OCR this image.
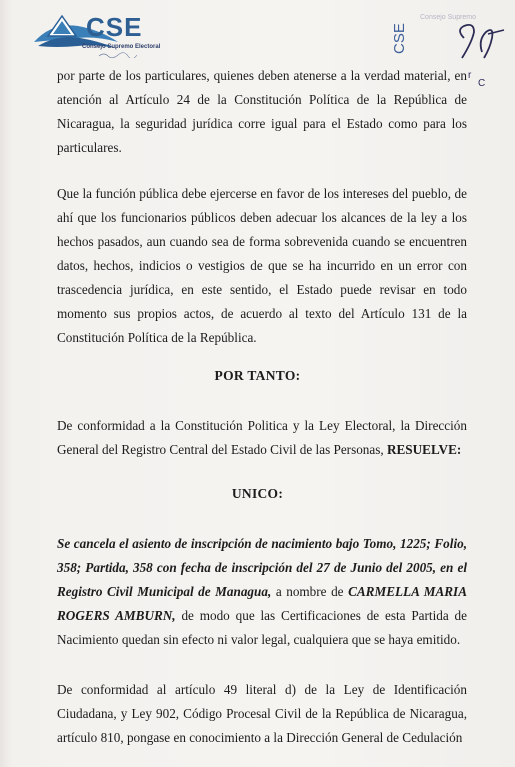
CSE
Consejo Supremo Electoral	CSE
Consejo Supremo
r
C
por parte de los particulares, quienes deben atenerse a la verdad material, en atención al Artículo 24 de la Constitución Política de la República de Nicaragua, la seguridad jurídica corre igual para el Estado como para los particulares.
Que la función pública debe ejercerse en favor de los intereses del pueblo, de ahí que los funcionarios públicos deben adecuar los alcances de la ley a los hechos pasados, aun cuando sea de forma sobrevenida cuando se encuentren datos, hechos, indicios o vestigios de que se ha incurrido en un error con trascedencia jurídica, en este sentido, el Estado puede revisar en todo momento sus propios actos, de acuerdo al texto del Artículo 131 de la Constitución Política de la República.
POR TANTO:
De conformidad a la Constitución Politica y la Ley Electoral, la Dirección General del Registro Central del Estado Civil de las Personas, RESUELVE:
UNICO:
Se cancela el asiento de inscripción de nacimiento bajo Tomo, 1225; Folio, 358; Partida, 358 con fecha de inscripción del 27 de Junio del 2005, en el Registro Civil Municipal de Managua, a nombre de CARMELLA MARIA ROGERS AMBURN, de modo que las Certificaciones de esta Partida de Nacimiento quedan sin efecto ni valor legal, cualquiera que se haya emitido.
De conformidad al artículo 49 literal d) de la Ley de Identificación Ciudadana, y Ley 902, Código Procesal Civil de la República de Nicaragua, artículo 810, pongase en conocimiento a la Dirección General de Cedulación
